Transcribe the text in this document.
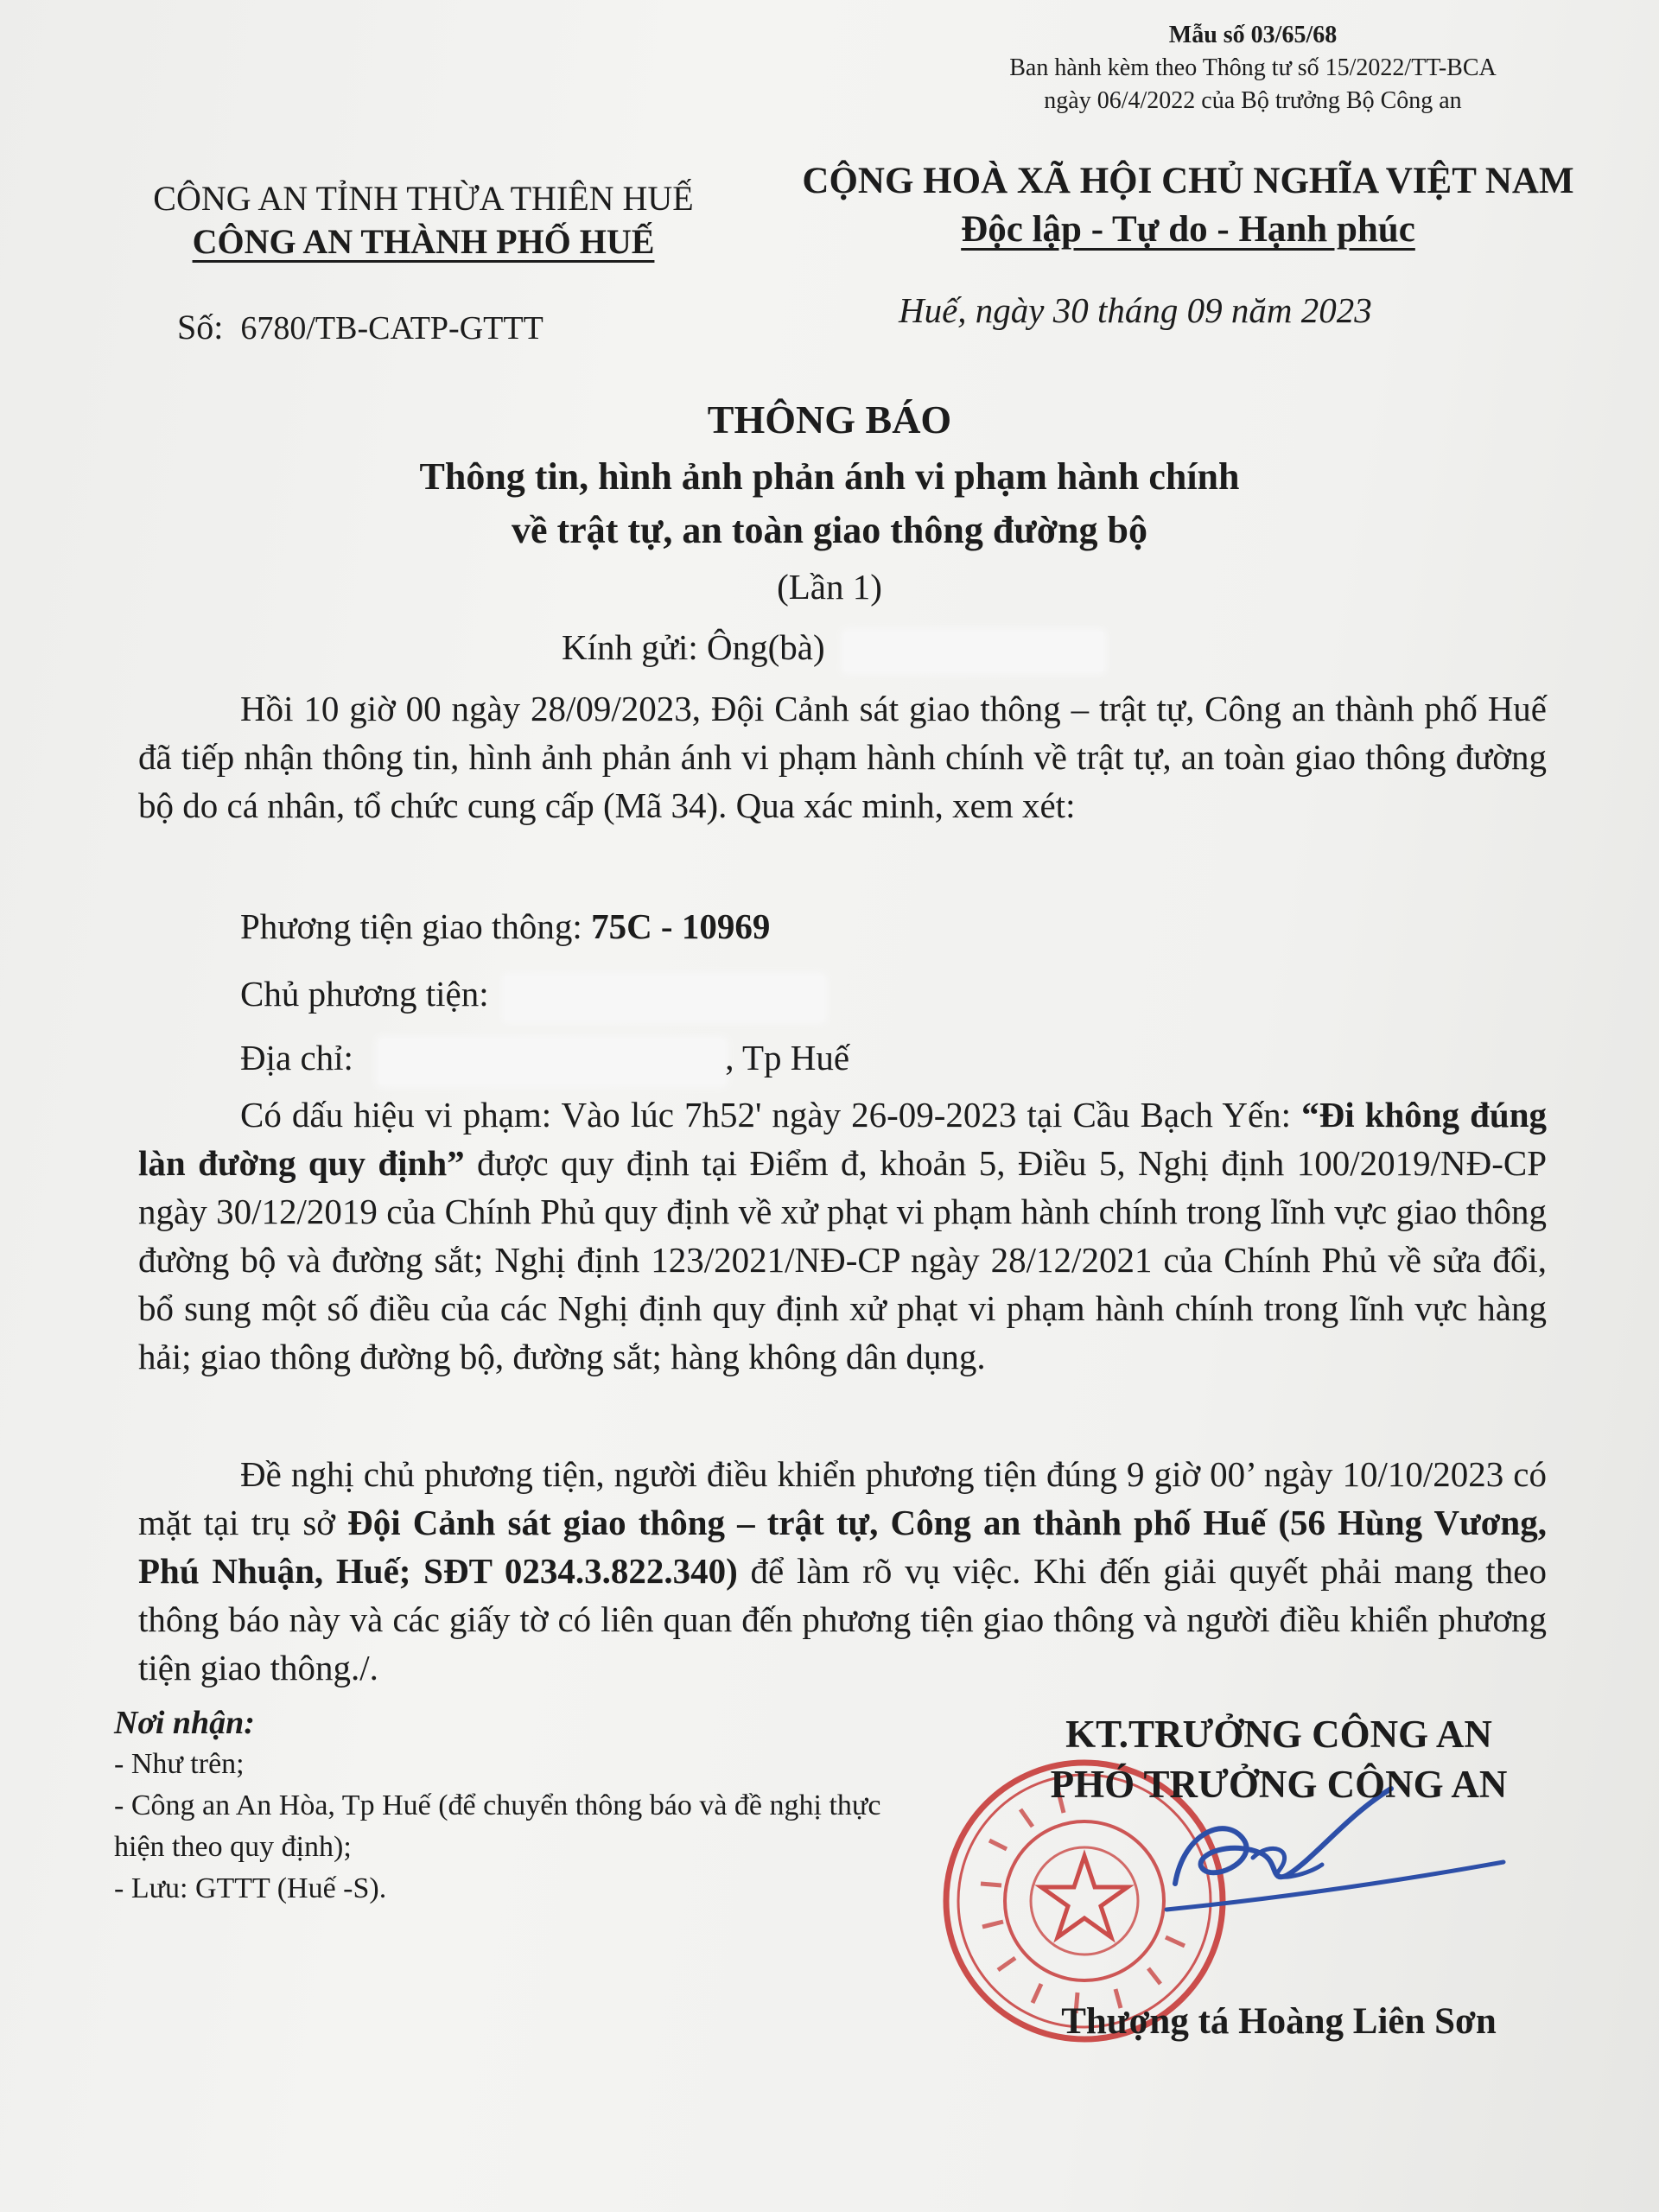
Mẫu số 03/65/68
Ban hành kèm theo Thông tư số 15/2022/TT-BCA
ngày 06/4/2022 của Bộ trưởng Bộ Công an
CÔNG AN TỈNH THỪA THIÊN HUẾ
CÔNG AN THÀNH PHỐ HUẾ
CỘNG HOÀ XÃ HỘI CHỦ NGHĨA VIỆT NAM
Độc lập - Tự do - Hạnh phúc
Số: 6780/TB-CATP-GTTT	Huế, ngày 30 tháng 09 năm 2023
THÔNG BÁO
Thông tin, hình ảnh phản ánh vi phạm hành chính
về trật tự, an toàn giao thông đường bộ
(Lần 1)
Kính gửi: Ông(bà)
Hồi 10 giờ 00 ngày 28/09/2023, Đội Cảnh sát giao thông – trật tự, Công an thành phố Huế đã tiếp nhận thông tin, hình ảnh phản ánh vi phạm hành chính về trật tự, an toàn giao thông đường bộ do cá nhân, tổ chức cung cấp (Mã 34). Qua xác minh, xem xét:
Phương tiện giao thông: 75C - 10969
Chủ phương tiện:
Địa chỉ:	, Tp Huế
Có dấu hiệu vi phạm: Vào lúc 7h52' ngày 26-09-2023 tại Cầu Bạch Yến: “Đi không đúng làn đường quy định” được quy định tại Điểm đ, khoản 5, Điều 5, Nghị định 100/2019/NĐ-CP ngày 30/12/2019 của Chính Phủ quy định về xử phạt vi phạm hành chính trong lĩnh vực giao thông đường bộ và đường sắt; Nghị định 123/2021/NĐ-CP ngày 28/12/2021 của Chính Phủ về sửa đổi, bổ sung một số điều của các Nghị định quy định xử phạt vi phạm hành chính trong lĩnh vực hàng hải; giao thông đường bộ, đường sắt; hàng không dân dụng.
Đề nghị chủ phương tiện, người điều khiển phương tiện đúng 9 giờ 00’ ngày 10/10/2023 có mặt tại trụ sở Đội Cảnh sát giao thông – trật tự, Công an thành phố Huế (56 Hùng Vương, Phú Nhuận, Huế; SĐT 0234.3.822.340) để làm rõ vụ việc. Khi đến giải quyết phải mang theo thông báo này và các giấy tờ có liên quan đến phương tiện giao thông và người điều khiển phương tiện giao thông./.
Nơi nhận:
- Như trên;
- Công an An Hòa, Tp Huế (để chuyển thông báo và đề nghị thực hiện theo quy định);
- Lưu: GTTT (Huế -S).
KT.TRƯỞNG CÔNG AN
PHÓ TRƯỞNG CÔNG AN
Thượng tá Hoàng Liên Sơn
